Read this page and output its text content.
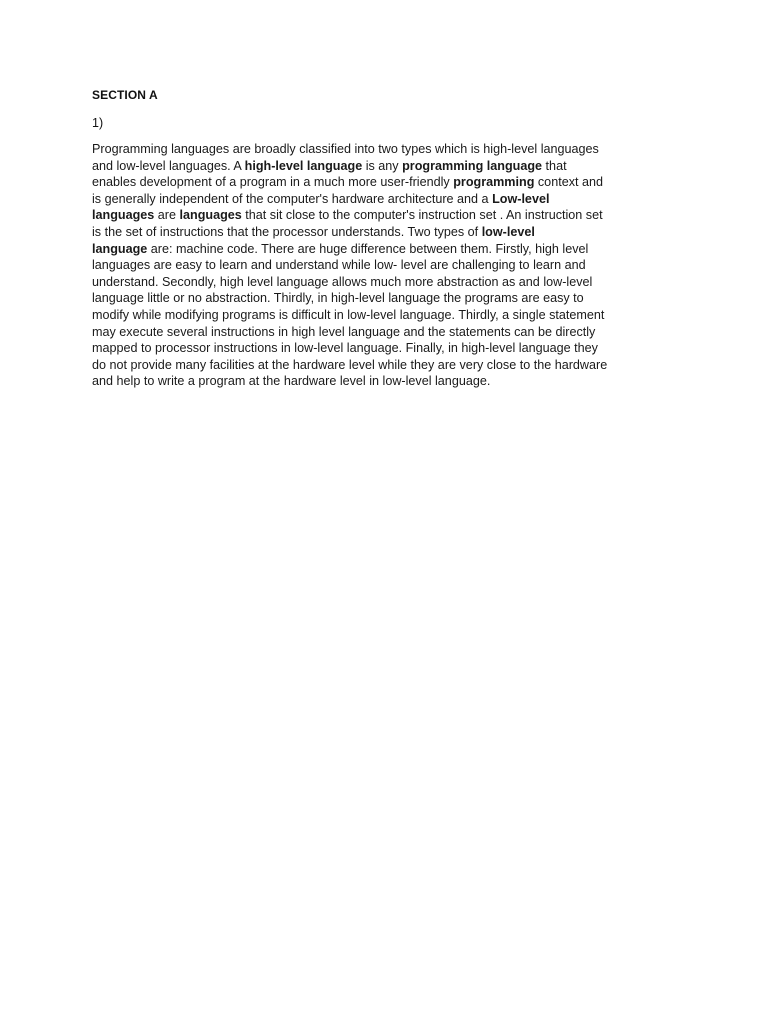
SECTION A
1)
Programming languages are broadly classified into two types which is high-level languages
and low-level languages. A high-level language is any programming language that
enables development of a program in a much more user-friendly programming context and
is generally independent of the computer's hardware architecture and a Low-level
languages are languages that sit close to the computer's instruction set . An instruction set
is the set of instructions that the processor understands. Two types of low-level
language are: machine code. There are huge difference between them. Firstly, high level
languages are easy to learn and understand while low- level are challenging to learn and
understand. Secondly, high level language allows much more abstraction as and low-level
language little or no abstraction. Thirdly, in high-level language the programs are easy to
modify while modifying programs is difficult in low-level language. Thirdly, a single statement
may execute several instructions in high level language and the statements can be directly
mapped to processor instructions in low-level language. Finally, in high-level language they
do not provide many facilities at the hardware level while they are very close to the hardware
and help to write a program at the hardware level in low-level language.
